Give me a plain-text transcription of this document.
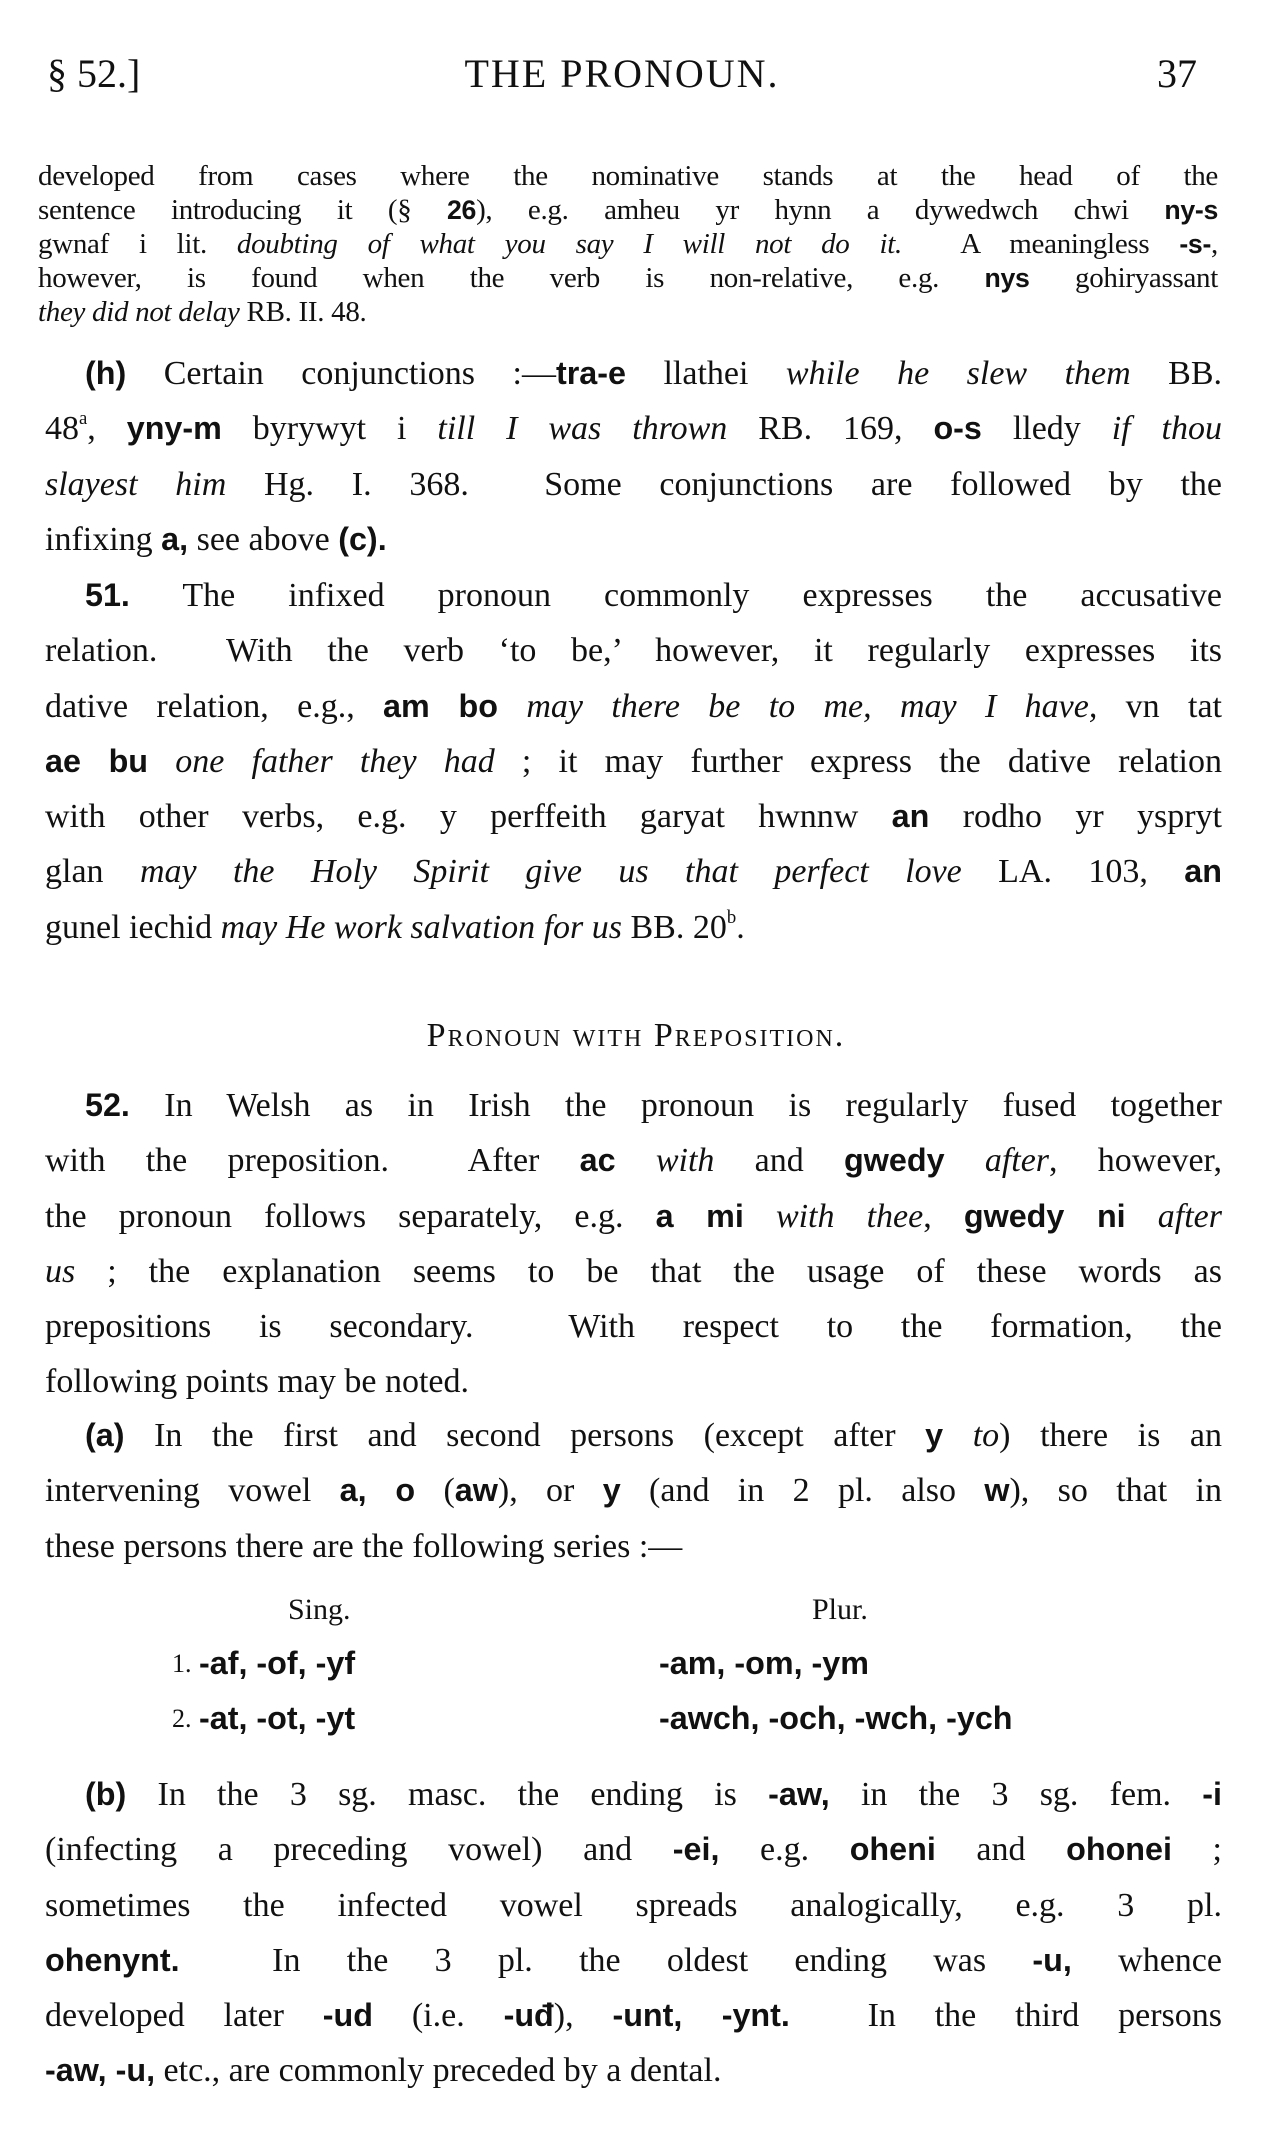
§ 52.]	THE PRONOUN.	37
developed from cases where the nominative stands at the head of the
sentence introducing it (§ 26), e.g. amheu yr hynn a dywedwch chwi ny-s
gwnaf i lit. doubting of what you say I will not do it.  A meaningless -s-,
however, is found when the verb is non-relative, e.g. nys gohiryassant
they did not delay RB. II. 48.
(h) Certain conjunctions :—tra-e llathei while he slew them BB.
48$^a$, yny-m byrywyt i till I was thrown RB. 169, o-s lledy if thou
slayest him Hg. I. 368.  Some conjunctions are followed by the
infixing a, see above (c).
51. The infixed pronoun commonly expresses the accusative
relation.  With the verb ‘to be,’ however, it regularly expresses its
dative relation, e.g., am bo may there be to me, may I have, vn tat
ae bu one father they had ; it may further express the dative relation
with other verbs, e.g. y perffeith garyat hwnnw an rodho yr yspryt
glan may the Holy Spirit give us that perfect love LA. 103, an
gunel iechid may He work salvation for us BB. 20$^b$.
Pronoun with Preposition.
52. In Welsh as in Irish the pronoun is regularly fused together
with the preposition.  After ac with and gwedy after, however,
the pronoun follows separately, e.g. a mi with thee, gwedy ni after
us ; the explanation seems to be that the usage of these words as
prepositions is secondary.  With respect to the formation, the
following points may be noted.
(a) In the first and second persons (except after y to) there is an
intervening vowel a, o (aw), or y (and in 2 pl. also w), so that in
these persons there are the following series :—
Sing.	Plur.
1. -af, -of, -yf	-am, -om, -ym
2. -at, -ot, -yt	-awch, -och, -wch, -ych
(b) In the 3 sg. masc. the ending is -aw, in the 3 sg. fem. -i
(infecting a preceding vowel) and -ei, e.g. oheni and ohonei ;
sometimes the infected vowel spreads analogically, e.g. 3 pl.
ohenynt.  In the 3 pl. the oldest ending was -u, whence
developed later -ud (i.e. -uđ), -unt, -ynt.  In the third persons
-aw, -u, etc., are commonly preceded by a dental.
